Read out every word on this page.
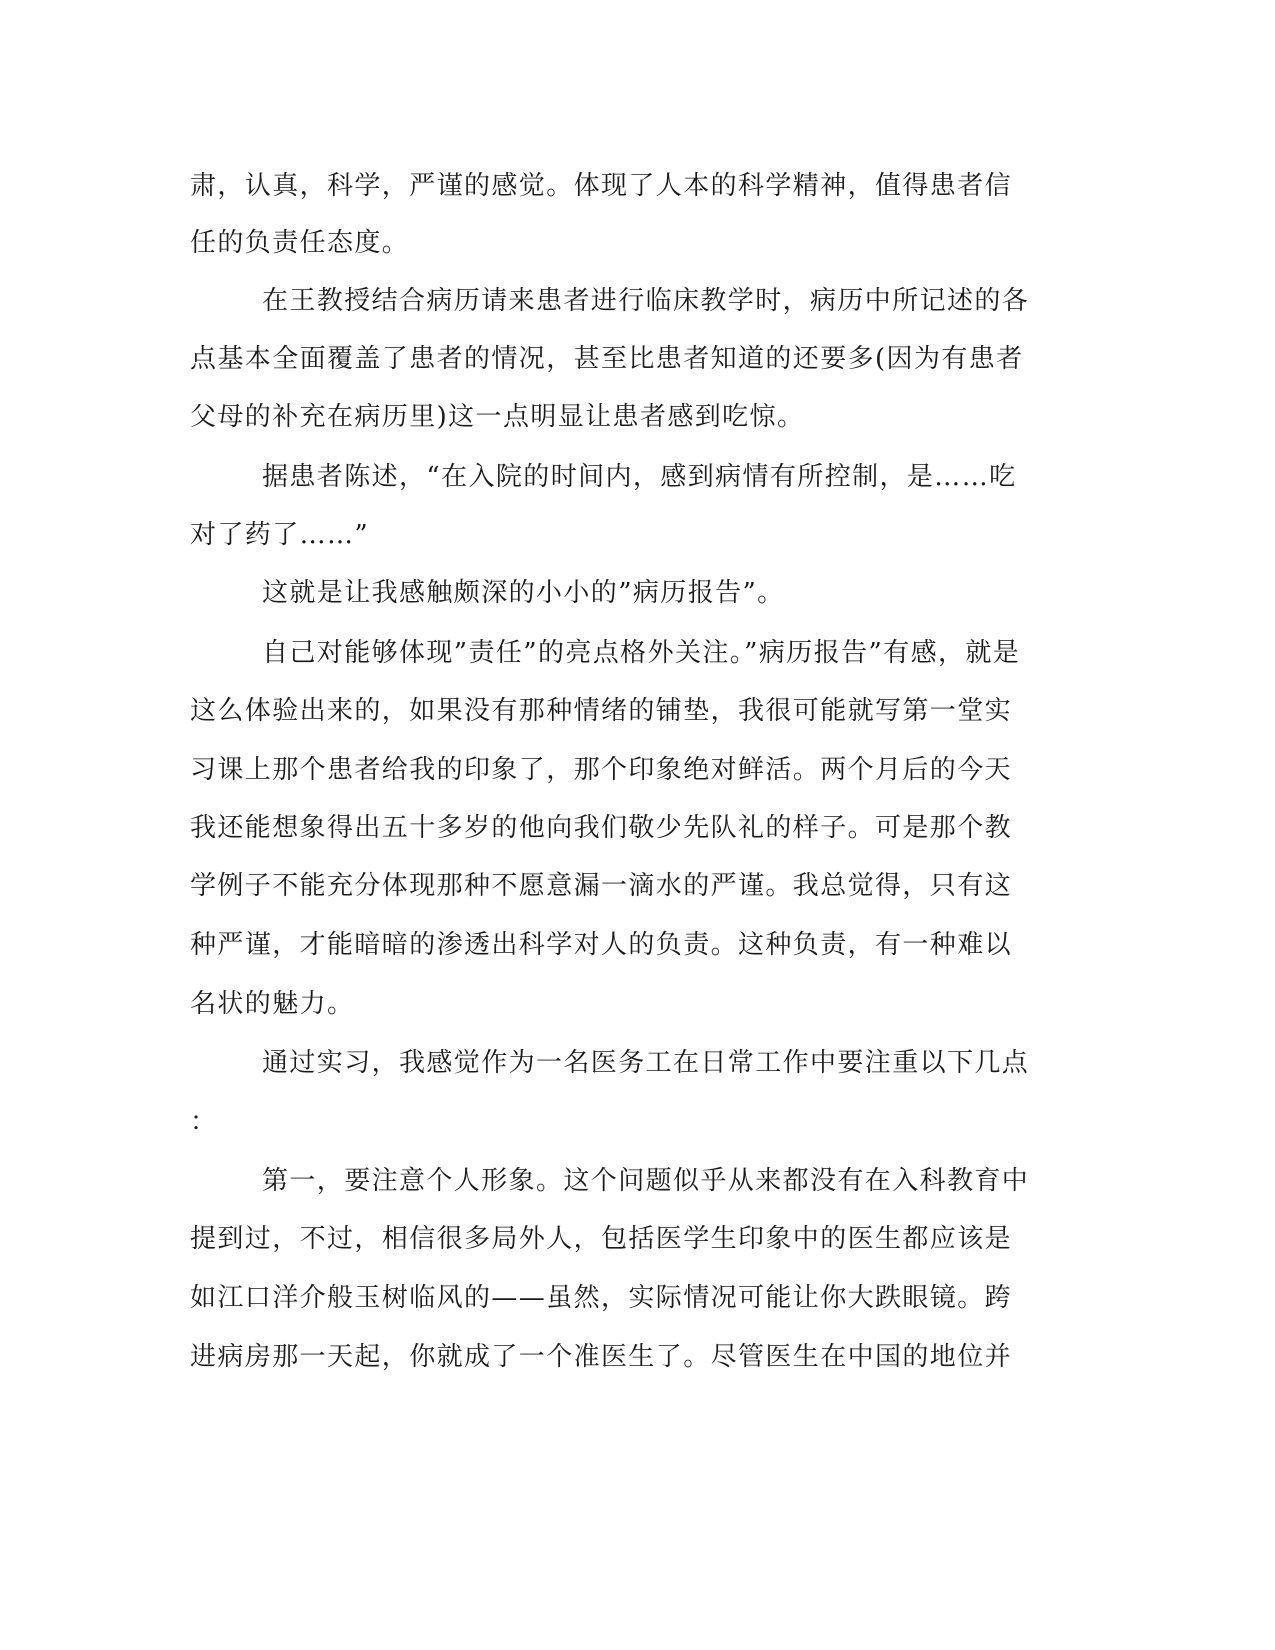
肃，认真，科学，严谨的感觉。体现了人本的科学精神，值得患者信
任的负责任态度。
在王教授结合病历请来患者进行临床教学时，病历中所记述的各
点基本全面覆盖了患者的情况，甚至比患者知道的还要多(因为有患者
父母的补充在病历里)这一点明显让患者感到吃惊。
据患者陈述，“在入院的时间内，感到病情有所控制，是……吃
对了药了……”
这就是让我感触颇深的小小的”病历报告”。
自己对能够体现”责任”的亮点格外关注。”病历报告”有感，就是
这么体验出来的，如果没有那种情绪的铺垫，我很可能就写第一堂实
习课上那个患者给我的印象了，那个印象绝对鲜活。两个月后的今天
我还能想象得出五十多岁的他向我们敬少先队礼的样子。可是那个教
学例子不能充分体现那种不愿意漏一滴水的严谨。我总觉得，只有这
种严谨，才能暗暗的渗透出科学对人的负责。这种负责，有一种难以
名状的魅力。
通过实习，我感觉作为一名医务工在日常工作中要注重以下几点
：
第一，要注意个人形象。这个问题似乎从来都没有在入科教育中
提到过，不过，相信很多局外人，包括医学生印象中的医生都应该是
如江口洋介般玉树临风的——虽然，实际情况可能让你大跌眼镜。跨
进病房那一天起，你就成了一个准医生了。尽管医生在中国的地位并
